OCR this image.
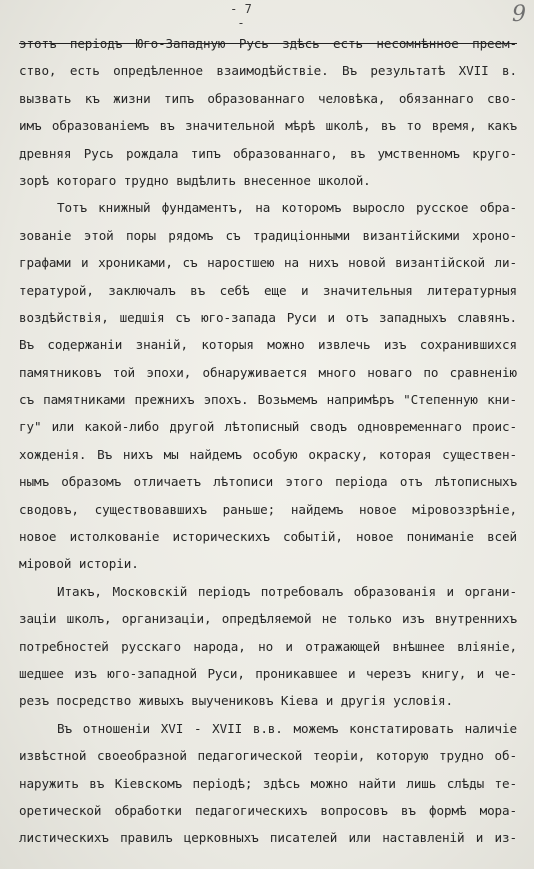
- 7 -	9
этотъ періодъ Юго-Западную Русь здѣсь есть несомнѣнное преем-
ство, есть опредѣленное взаимодѣйствіе. Въ результатѣ XVII в.
вызвать къ жизни типъ образованнаго человѣка, обязаннаго сво-
имъ образованіемъ въ значительной мѣрѣ школѣ, въ то время, какъ
древняя Русь рождала типъ образованнаго, въ умственномъ круго-
зорѣ котораго трудно выдѣлить внесенное школой.
Тотъ книжный фундаментъ, на которомъ выросло русское обра-
зованіе этой поры рядомъ съ традиціонными византійскими хроно-
графами и хрониками, съ наростшею на нихъ новой византійской ли-
тературой, заключалъ въ себѣ еще и значительныя литературныя
воздѣйствія, шедшія съ юго-запада Руси и отъ западныхъ славянъ.
Въ содержаніи знаній, которыя можно извлечь изъ сохранившихся
памятниковъ той эпохи, обнаруживается много новаго по сравненію
съ памятниками прежнихъ эпохъ. Возьмемъ напримѣръ "Степенную кни-
гу" или какой-либо другой лѣтописный сводъ одновременнаго проис-
хожденія. Въ нихъ мы найдемъ особую окраску, которая существен-
нымъ образомъ отличаетъ лѣтописи этого періода отъ лѣтописныхъ
сводовъ, существовавшихъ раньше; найдемъ новое міровоззрѣніе,
новое истолкованіе историческихъ событій, новое пониманіе всей
міровой исторіи.
Итакъ, Московскій періодъ потребовалъ образованія и органи-
заціи школъ, организаціи, опредѣляемой не только изъ внутреннихъ
потребностей русскаго народа, но и отражающей внѣшнее вліяніе,
шедшее изъ юго-западной Руси, проникавшее и черезъ книгу, и че-
резъ посредство живыхъ выучениковъ Кіева и другія условія.
Въ отношеніи XVI - XVII в.в. можемъ констатировать наличіе
извѣстной своеобразной педагогической теоріи, которую трудно об-
наружить въ Кіевскомъ періодѣ; здѣсь можно найти лишь слѣды те-
оретической обработки педагогическихъ вопросовъ въ формѣ мора-
листическихъ правилъ церковныхъ писателей или наставленій и из-
